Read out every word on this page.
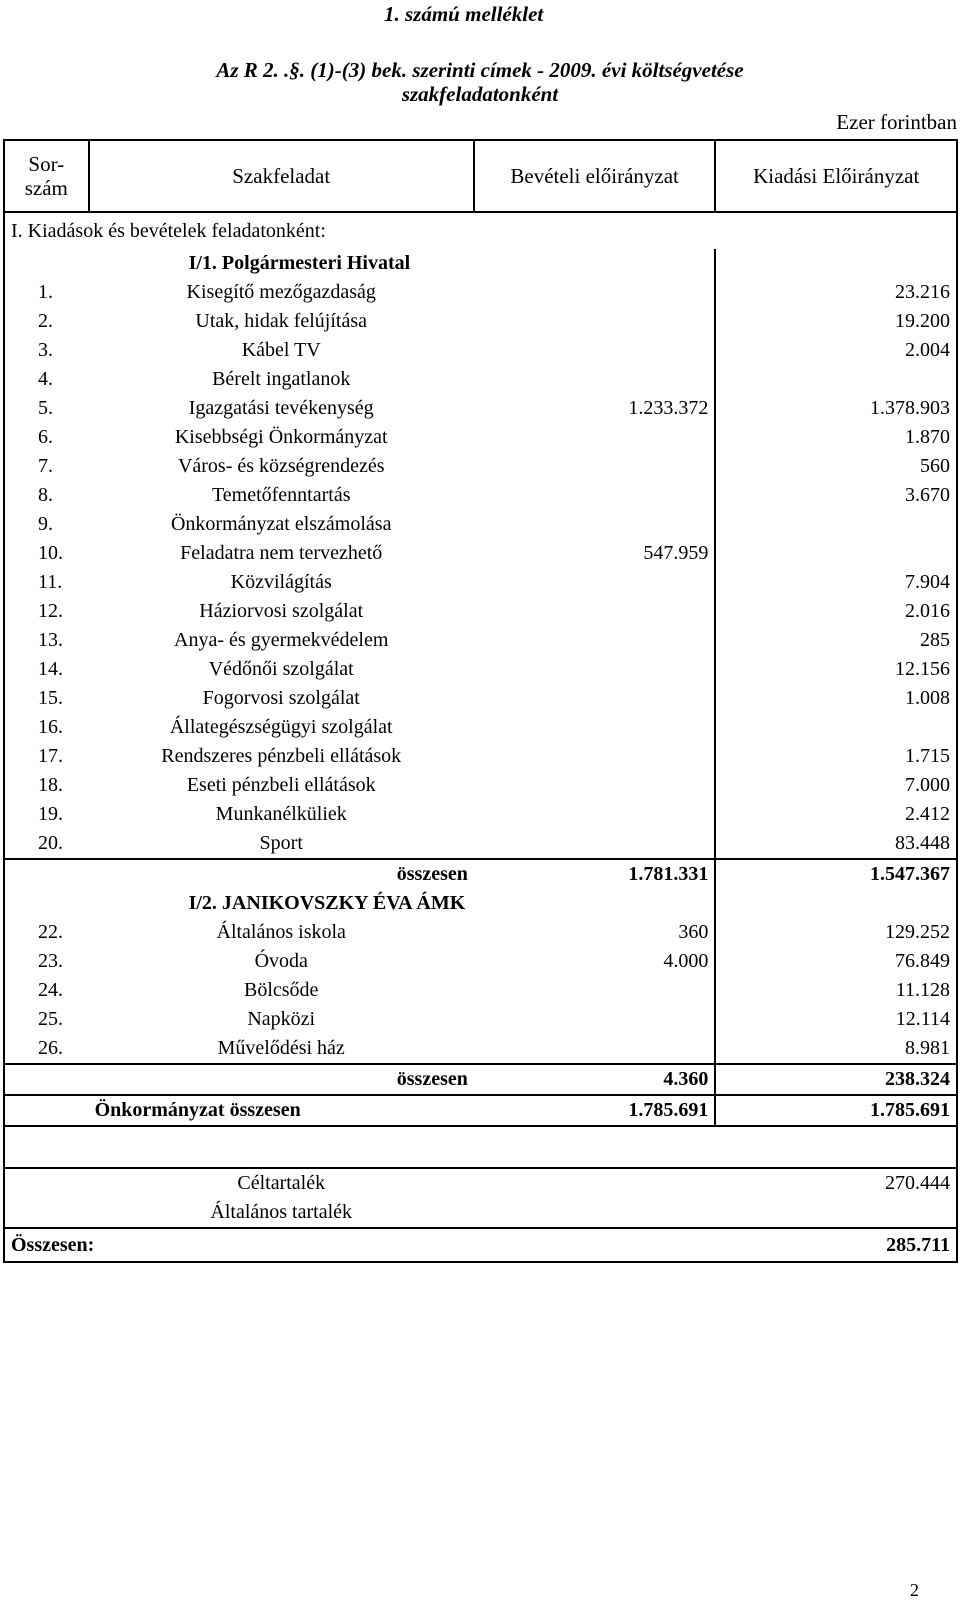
1. számú melléklet
Az R 2. .§. (1)-(3) bek. szerinti címek - 2009. évi költségvetése
szakfeladatonként
Ezer forintban
Sor-szám	Szakfeladat	Bevételi előirányzat	Kiadási Előirányzat
I. Kiadások és bevételek feladatonként:			
	I/1. Polgármesteri Hivatal		
1.	Kisegítő mezőgazdaság		23.216
2.	Utak, hidak felújítása		19.200
3.	Kábel TV		2.004
4.	Bérelt ingatlanok		
5.	Igazgatási tevékenység	1.233.372	1.378.903
6.	Kisebbségi Önkormányzat		1.870
7.	Város- és községrendezés		560
8.	Temetőfenntartás		3.670
9.	Önkormányzat elszámolása		
10.	Feladatra nem tervezhető	547.959	
11.	Közvilágítás		7.904
12.	Háziorvosi szolgálat		2.016
13.	Anya- és gyermekvédelem		285
14.	Védőnői szolgálat		12.156
15.	Fogorvosi szolgálat		1.008
16.	Állategészségügyi szolgálat		
17.	Rendszeres pénzbeli ellátások		1.715
18.	Eseti pénzbeli ellátások		7.000
19.	Munkanélküliek		2.412
20.	Sport		83.448
	összesen	1.781.331	1.547.367
	I/2. JANIKOVSZKY ÉVA ÁMK		
22.	Általános iskola	360	129.252
23.	Óvoda	4.000	76.849
24.	Bölcsőde		11.128
25.	Napközi		12.114
26.	Művelődési ház		8.981
	összesen	4.360	238.324
	Önkormányzat összesen	1.785.691	1.785.691

	Céltartalék		270.444
	Általános tartalék		
Összesen:			285.711
2
